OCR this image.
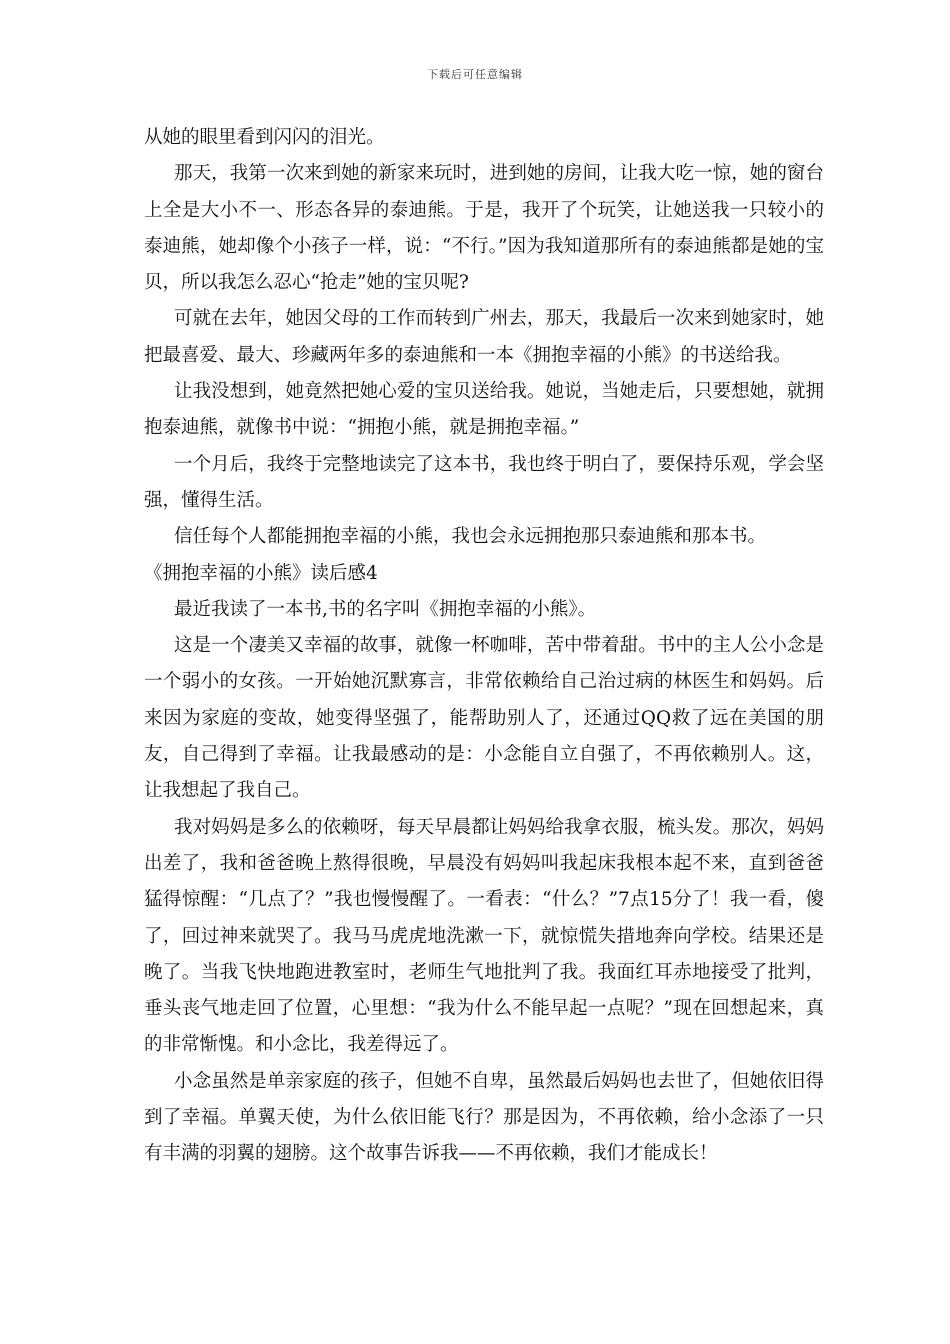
下载后可任意编辑

从她的眼里看到闪闪的泪光。

那天，我第一次来到她的新家来玩时，进到她的房间，让我大吃一惊，她的窗台上全是大小不一、形态各异的泰迪熊。于是，我开了个玩笑，让她送我一只较小的泰迪熊，她却像个小孩子一样，说：“不行。”因为我知道那所有的泰迪熊都是她的宝贝，所以我怎么忍心“抢走”她的宝贝呢?

可就在去年，她因父母的工作而转到广州去，那天，我最后一次来到她家时，她把最喜爱、最大、珍藏两年多的泰迪熊和一本《拥抱幸福的小熊》的书送给我。

让我没想到，她竟然把她心爱的宝贝送给我。她说，当她走后，只要想她，就拥抱泰迪熊，就像书中说：“拥抱小熊，就是拥抱幸福。”

一个月后，我终于完整地读完了这本书，我也终于明白了，要保持乐观，学会坚强，懂得生活。

信任每个人都能拥抱幸福的小熊，我也会永远拥抱那只泰迪熊和那本书。

《拥抱幸福的小熊》读后感4

最近我读了一本书,书的名字叫《拥抱幸福的小熊》。

这是一个凄美又幸福的故事，就像一杯咖啡，苦中带着甜。书中的主人公小念是一个弱小的女孩。一开始她沉默寡言，非常依赖给自己治过病的林医生和妈妈。后来因为家庭的变故，她变得坚强了，能帮助别人了，还通过QQ救了远在美国的朋友，自己得到了幸福。让我最感动的是：小念能自立自强了，不再依赖别人。这，让我想起了我自己。

我对妈妈是多么的依赖呀，每天早晨都让妈妈给我拿衣服，梳头发。那次，妈妈出差了，我和爸爸晚上熬得很晚，早晨没有妈妈叫我起床我根本起不来，直到爸爸猛得惊醒：“几点了？”我也慢慢醒了。一看表：“什么？”7点15分了！我一看，傻了，回过神来就哭了。我马马虎虎地洗漱一下，就惊慌失措地奔向学校。结果还是晚了。当我飞快地跑进教室时，老师生气地批判了我。我面红耳赤地接受了批判，垂头丧气地走回了位置，心里想：“我为什么不能早起一点呢？”现在回想起来，真的非常惭愧。和小念比，我差得远了。

小念虽然是单亲家庭的孩子，但她不自卑，虽然最后妈妈也去世了，但她依旧得到了幸福。单翼天使，为什么依旧能飞行？那是因为，不再依赖，给小念添了一只有丰满的羽翼的翅膀。这个故事告诉我——不再依赖，我们才能成长！
